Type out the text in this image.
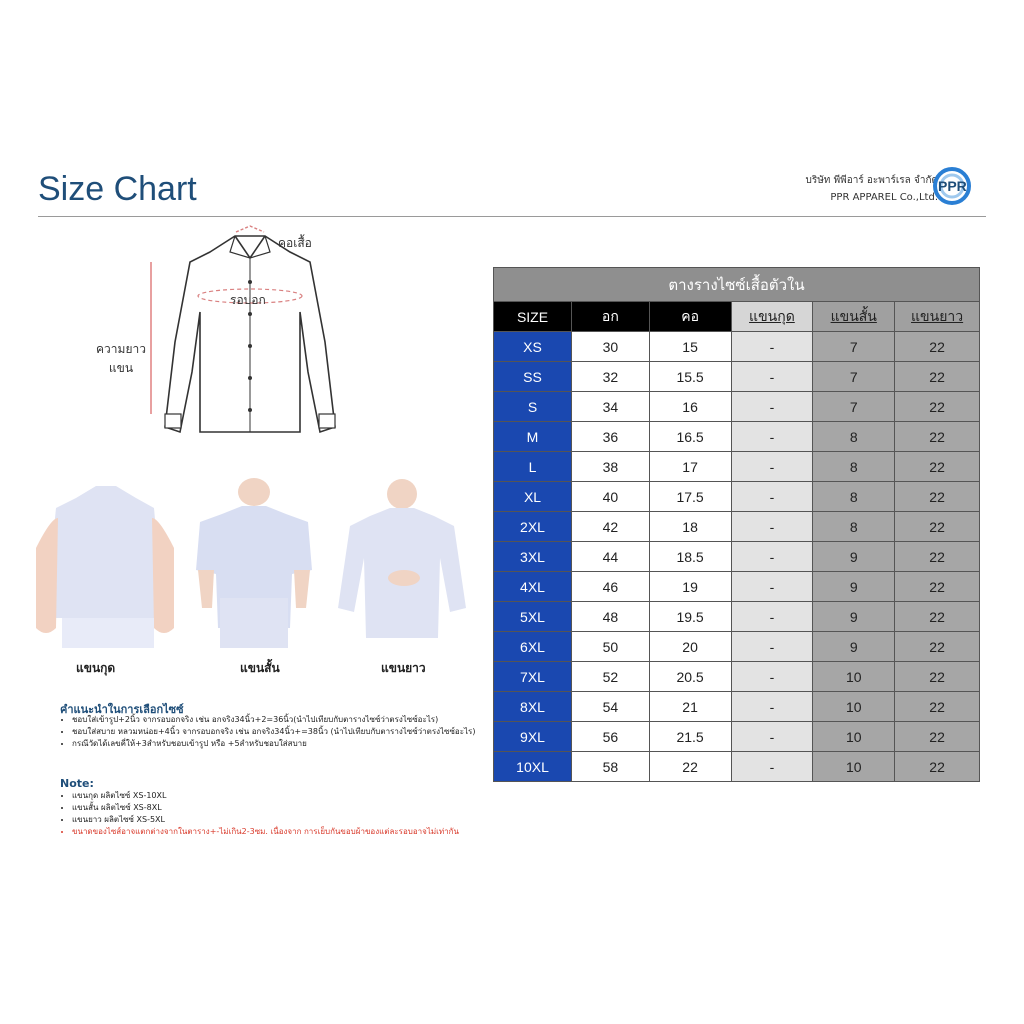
Size Chart	บริษัท พีพีอาร์ อะพาร์เรล จำกัด
PPR APPAREL Co.,Ltd.
PPR
ความยาว
แขน
คอเสื้อ
รอบอก
แขนกุด	แขนสั้น	แขนยาว
คำแนะนำในการเลือกไซซ์
• ชอบใส่เข้ารูป+2นิ้ว จากรอบอกจริง เช่น อกจริง34นิ้ว+2=36นิ้ว(นำไปเทียบกับตารางไซซ์ว่าตรงไซซ์อะไร)
• ชอบใส่สบาย หลวมหน่อย+4นิ้ว จากรอบอกจริง เช่น อกจริง34นิ้ว+=38นิ้ว (นำไปเทียบกับตารางไซซ์ว่าตรงไซซ์อะไร)
• กรณีวัดได้เลขคี่ให้+3สำหรับชอบเข้ารูป หรือ +5สำหรับชอบใส่สบาย
Note:
• แขนกุด ผลิตไซซ์ XS-10XL
• แขนสั้น ผลิตไซซ์ XS-8XL
• แขนยาว ผลิตไซซ์ XS-5XL
• ขนาดของไซส์อาจแตกต่างจากในตาราง+-ไม่เกิน2-3ซม. เนื่องจาก การเย็บกันขอบผ้าของแต่ละรอบอาจไม่เท่ากัน
ตางรางไซซ์เสื้อตัวใน					
SIZE	อก	คอ	แขนกุด	แขนสั้น	แขนยาว
XS	30	15	-	7	22
SS	32	15.5	-	7	22
S	34	16	-	7	22
M	36	16.5	-	8	22
L	38	17	-	8	22
XL	40	17.5	-	8	22
2XL	42	18	-	8	22
3XL	44	18.5	-	9	22
4XL	46	19	-	9	22
5XL	48	19.5	-	9	22
6XL	50	20	-	9	22
7XL	52	20.5	-	10	22
8XL	54	21	-	10	22
9XL	56	21.5	-	10	22
10XL	58	22	-	10	22
